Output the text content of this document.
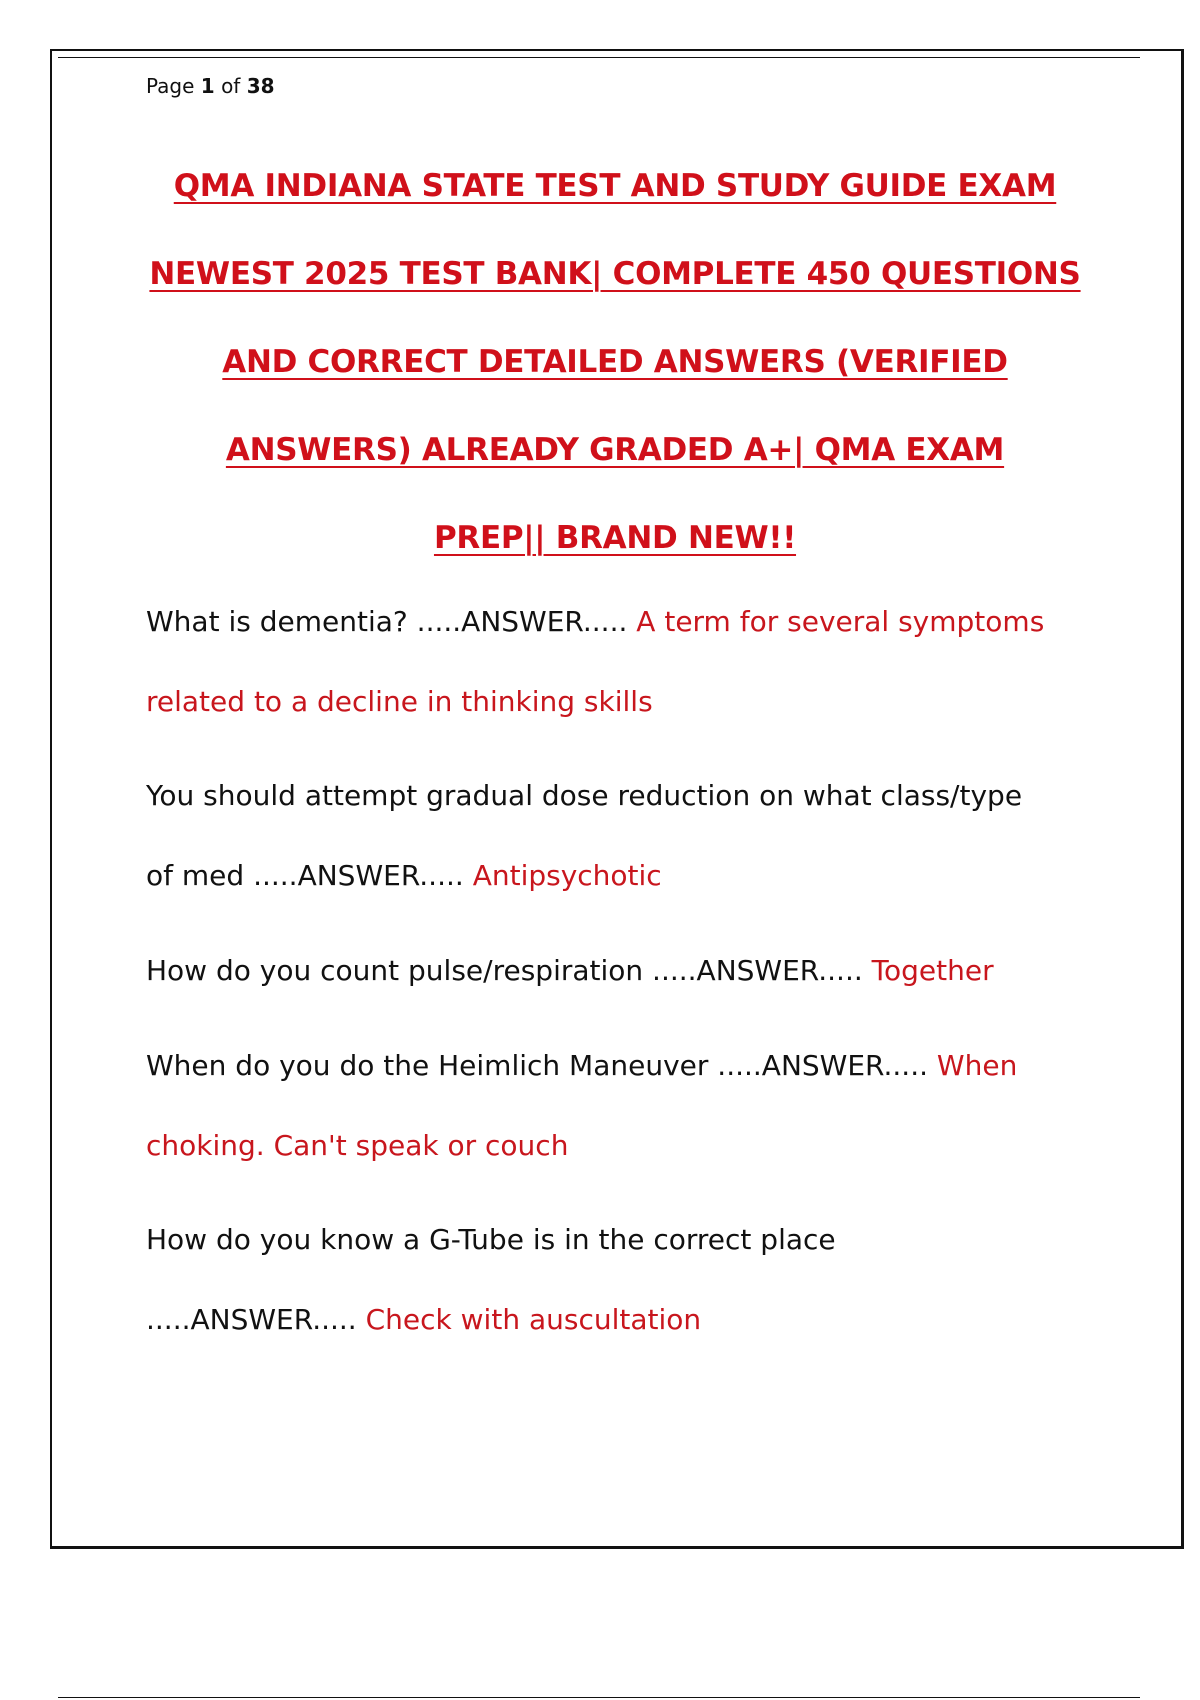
Page 1 of 38
QMA INDIANA STATE TEST AND STUDY GUIDE EXAM
NEWEST 2025 TEST BANK| COMPLETE 450 QUESTIONS
AND CORRECT DETAILED ANSWERS (VERIFIED
ANSWERS) ALREADY GRADED A+| QMA EXAM
PREP|| BRAND NEW!!
What is dementia? .....ANSWER..... A term for several symptoms
related to a decline in thinking skills
You should attempt gradual dose reduction on what class/type
of med .....ANSWER..... Antipsychotic
How do you count pulse/respiration .....ANSWER..... Together
When do you do the Heimlich Maneuver .....ANSWER..... When
choking. Can't speak or couch
How do you know a G-Tube is in the correct place
.....ANSWER..... Check with auscultation
